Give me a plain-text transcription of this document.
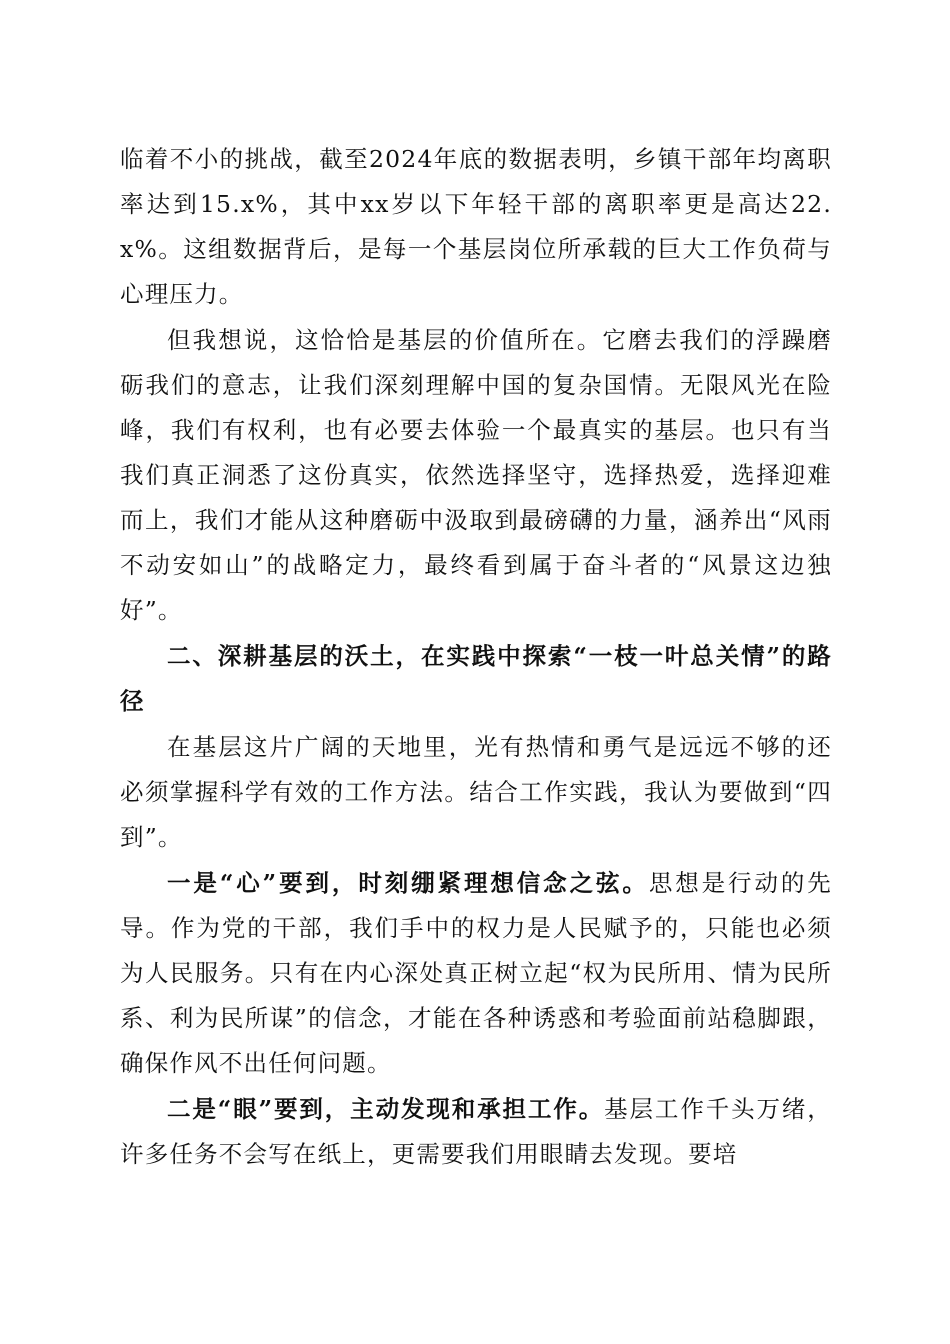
临着不小的挑战，截至2024年底的数据表明，乡镇干部年均离职率达到15.x%，其中xx岁以下年轻干部的离职率更是高达22.x%。这组数据背后，是每一个基层岗位所承载的巨大工作负荷与心理压力。

但我想说，这恰恰是基层的价值所在。它磨去我们的浮躁磨砺我们的意志，让我们深刻理解中国的复杂国情。无限风光在险峰，我们有权利，也有必要去体验一个最真实的基层。也只有当我们真正洞悉了这份真实，依然选择坚守，选择热爱，选择迎难而上，我们才能从这种磨砺中汲取到最磅礴的力量，涵养出“风雨不动安如山”的战略定力，最终看到属于奋斗者的“风景这边独好”。

二、深耕基层的沃土，在实践中探索“一枝一叶总关情”的路径

在基层这片广阔的天地里，光有热情和勇气是远远不够的还必须掌握科学有效的工作方法。结合工作实践，我认为要做到“四到”。

一是“心”要到，时刻绷紧理想信念之弦。思想是行动的先导。作为党的干部，我们手中的权力是人民赋予的，只能也必须为人民服务。只有在内心深处真正树立起“权为民所用、情为民所系、利为民所谋”的信念，才能在各种诱惑和考验面前站稳脚跟，确保作风不出任何问题。

二是“眼”要到，主动发现和承担工作。基层工作千头万绪，许多任务不会写在纸上，更需要我们用眼睛去发现。要培
